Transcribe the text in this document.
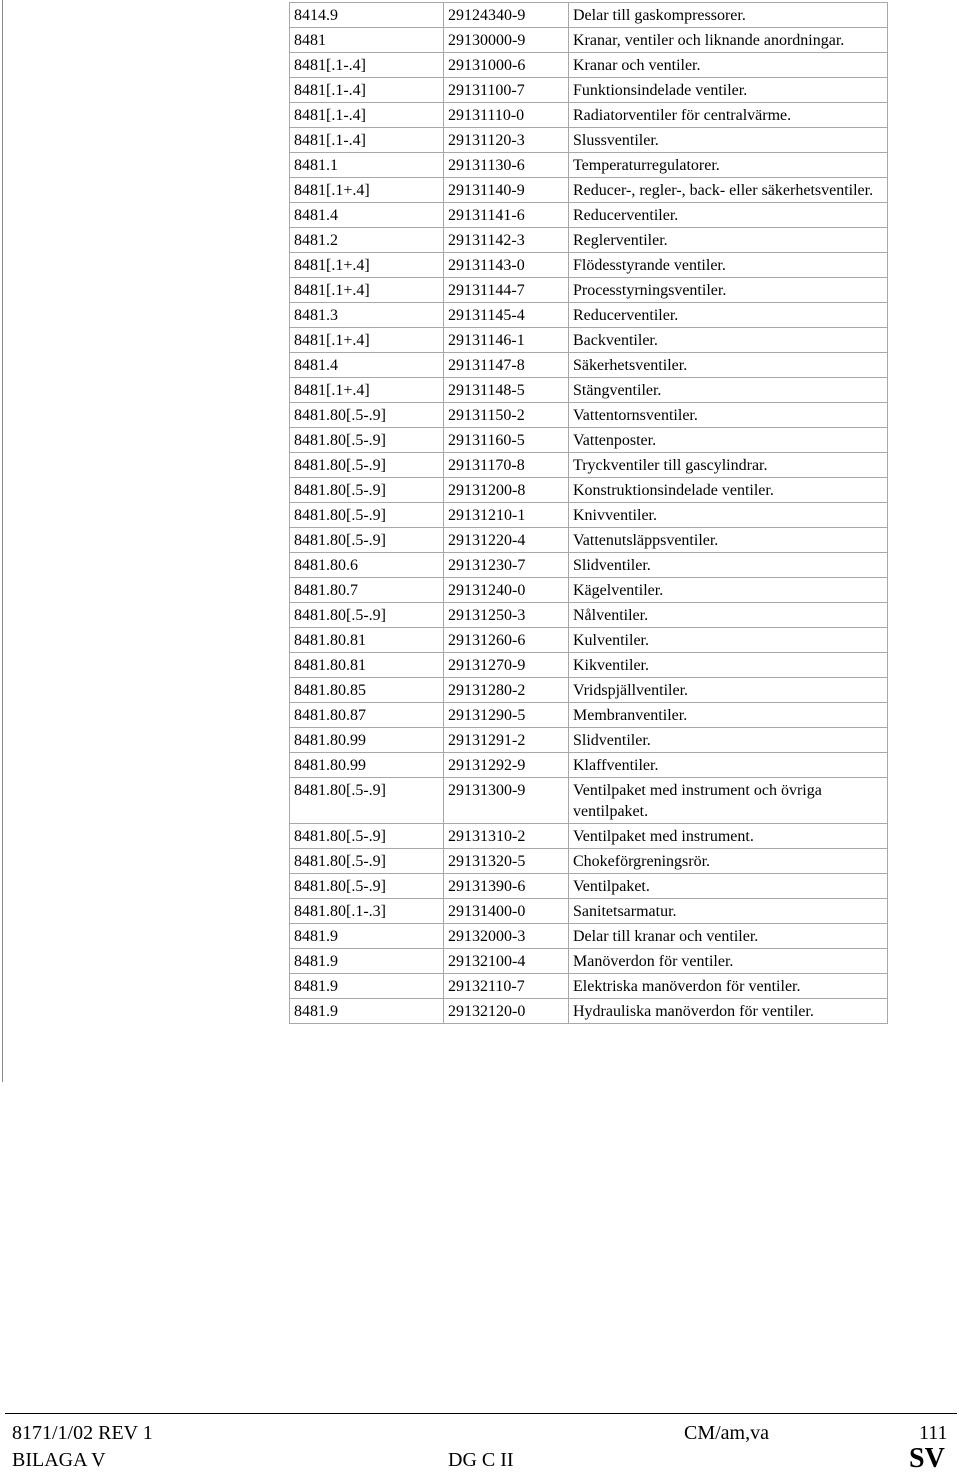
8414.9	29124340-9	Delar till gaskompressorer.
8481	29130000-9	Kranar, ventiler och liknande anordningar.
8481[.1-.4]	29131000-6	Kranar och ventiler.
8481[.1-.4]	29131100-7	Funktionsindelade ventiler.
8481[.1-.4]	29131110-0	Radiatorventiler för centralvärme.
8481[.1-.4]	29131120-3	Slussventiler.
8481.1	29131130-6	Temperaturregulatorer.
8481[.1+.4]	29131140-9	Reducer-, regler-, back- eller säkerhetsventiler.
8481.4	29131141-6	Reducerventiler.
8481.2	29131142-3	Reglerventiler.
8481[.1+.4]	29131143-0	Flödesstyrande ventiler.
8481[.1+.4]	29131144-7	Processtyrningsventiler.
8481.3	29131145-4	Reducerventiler.
8481[.1+.4]	29131146-1	Backventiler.
8481.4	29131147-8	Säkerhetsventiler.
8481[.1+.4]	29131148-5	Stängventiler.
8481.80[.5-.9]	29131150-2	Vattentornsventiler.
8481.80[.5-.9]	29131160-5	Vattenposter.
8481.80[.5-.9]	29131170-8	Tryckventiler till gascylindrar.
8481.80[.5-.9]	29131200-8	Konstruktionsindelade ventiler.
8481.80[.5-.9]	29131210-1	Knivventiler.
8481.80[.5-.9]	29131220-4	Vattenutsläppsventiler.
8481.80.6	29131230-7	Slidventiler.
8481.80.7	29131240-0	Kägelventiler.
8481.80[.5-.9]	29131250-3	Nålventiler.
8481.80.81	29131260-6	Kulventiler.
8481.80.81	29131270-9	Kikventiler.
8481.80.85	29131280-2	Vridspjällventiler.
8481.80.87	29131290-5	Membranventiler.
8481.80.99	29131291-2	Slidventiler.
8481.80.99	29131292-9	Klaffventiler.
8481.80[.5-.9]	29131300-9	Ventilpaket med instrument och övriga ventilpaket.
8481.80[.5-.9]	29131310-2	Ventilpaket med instrument.
8481.80[.5-.9]	29131320-5	Chokeförgreningsrör.
8481.80[.5-.9]	29131390-6	Ventilpaket.
8481.80[.1-.3]	29131400-0	Sanitetsarmatur.
8481.9	29132000-3	Delar till kranar och ventiler.
8481.9	29132100-4	Manöverdon för ventiler.
8481.9	29132110-7	Elektriska manöverdon för ventiler.
8481.9	29132120-0	Hydrauliska manöverdon för ventiler.
8171/1/02 REV 1	CM/am,va	111
BILAGA V	DG C II	SV
